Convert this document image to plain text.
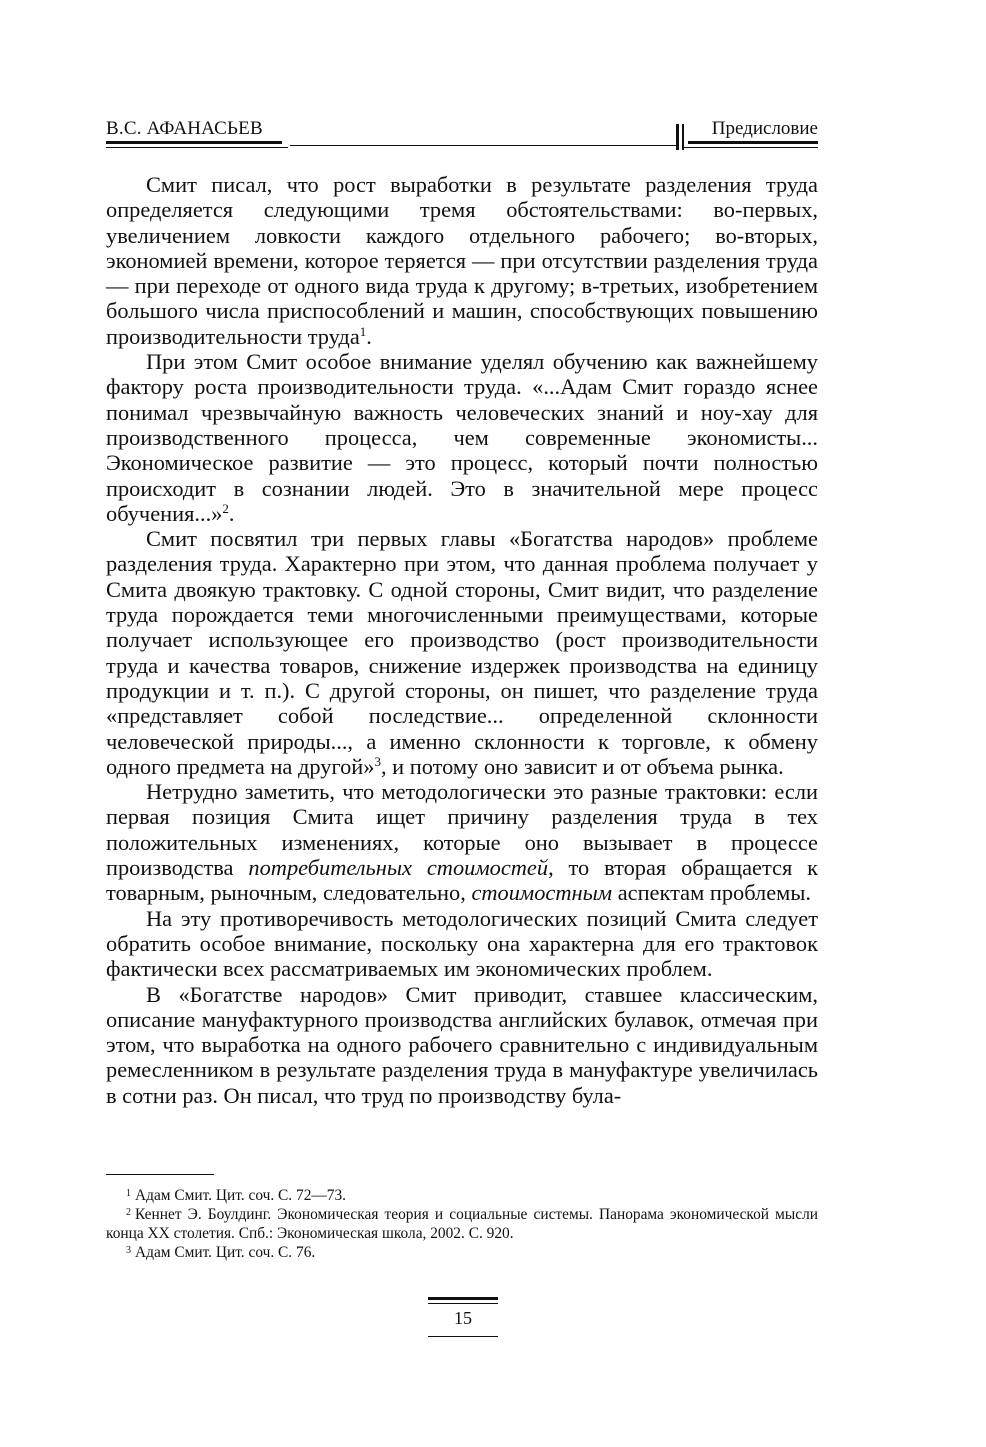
В.С. АФАНАСЬЕВ	Предисловие

Смит писал, что рост выработки в результате разделения труда определяется следующими тремя обстоятельствами: во-первых, увеличением ловкости каждого отдельного рабочего; во-вторых, экономией времени, которое теряется — при отсутствии разделения труда — при переходе от одного вида труда к другому; в-третьих, изобретением большого числа приспособлений и машин, способствующих повышению производительности труда$^1$.

При этом Смит особое внимание уделял обучению как важнейшему фактору роста производительности труда. «...Адам Смит гораздо яснее понимал чрезвычайную важность человеческих знаний и ноу-хау для производственного процесса, чем современные экономисты... Экономическое развитие — это процесс, который почти полностью происходит в сознании людей. Это в значительной мере процесс обучения...»$^2$.

Смит посвятил три первых главы «Богатства народов» проблеме разделения труда. Характерно при этом, что данная проблема получает у Смита двоякую трактовку. С одной стороны, Смит видит, что разделение труда порождается теми многочисленными преимуществами, которые получает использующее его производство (рост производительности труда и качества товаров, снижение издержек производства на единицу продукции и т. п.). С другой стороны, он пишет, что разделение труда «представляет собой последствие... определенной склонности человеческой природы..., а именно склонности к торговле, к обмену одного предмета на другой»$^3$, и потому оно зависит и от объема рынка.

Нетрудно заметить, что методологически это разные трактовки: если первая позиция Смита ищет причину разделения труда в тех положительных изменениях, которые оно вызывает в процессе производства потребительных стоимостей, то вторая обращается к товарным, рыночным, следовательно, стоимостным аспектам проблемы.

На эту противоречивость методологических позиций Смита следует обратить особое внимание, поскольку она характерна для его трактовок фактически всех рассматриваемых им экономических проблем.

В «Богатстве народов» Смит приводит, ставшее классическим, описание мануфактурного производства английских булавок, отмечая при этом, что выработка на одного рабочего сравнительно с индивидуальным ремесленником в результате разделения труда в мануфактуре увеличилась в сотни раз. Он писал, что труд по производству була-

$^1$ Адам Смит. Цит. соч. С. 72—73.

$^2$ Кеннет Э. Боулдинг. Экономическая теория и социальные системы. Панорама экономической мысли конца XX столетия. Спб.: Экономическая школа, 2002. С. 920.

$^3$ Адам Смит. Цит. соч. С. 76.

15
